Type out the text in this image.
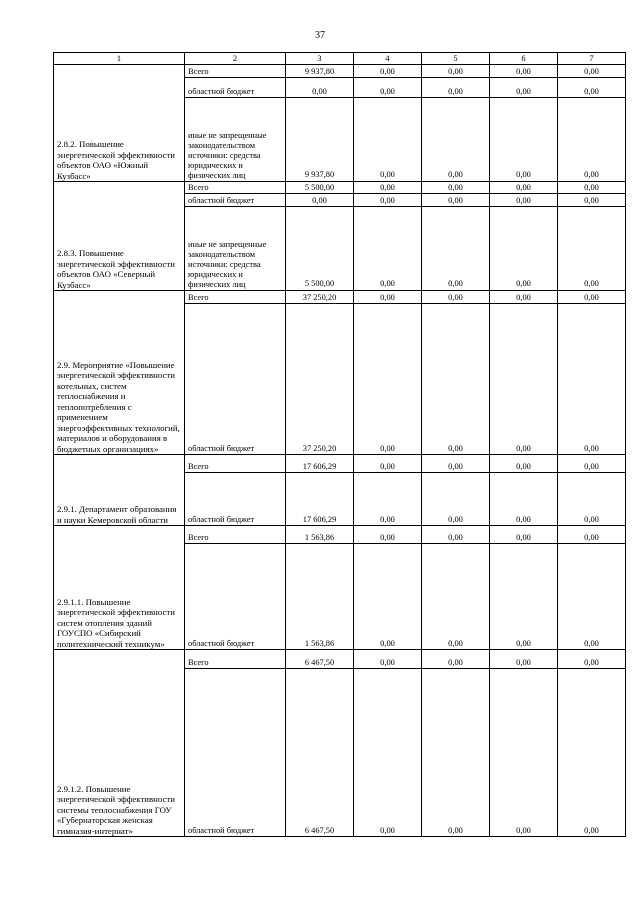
37
1	2	3	4	5	6	7
2.8.2. Повышение энергетической эффективности объектов ОАО «Южный Кузбасс»	Всего	9 937,80	0,00	0,00	0,00	0,00
	областной бюджет	0,00	0,00	0,00	0,00	0,00
	иные не запрещенные законодательством источники: средства юридических и физических лиц	9 937,80	0,00	0,00	0,00	0,00
2.8.3. Повышение энергетической эффективности объектов ОАО «Северный Кузбасс»	Всего	5 500,00	0,00	0,00	0,00	0,00
	областной бюджет	0,00	0,00	0,00	0,00	0,00
	иные не запрещенные законодательством источники: средства юридических и физических лиц	5 500,00	0,00	0,00	0,00	0,00
2.9. Мероприятие «Повышение энергетической эффективности котельных, систем теплоснабжения и теплопотребления с применением энергоэффективных технологий, материалов и оборудования в бюджетных организациях»	Всего	37 250,20	0,00	0,00	0,00	0,00
	областной бюджет	37 250,20	0,00	0,00	0,00	0,00
2.9.1. Департамент образования и науки Кемеровской области	Всего	17 606,29	0,00	0,00	0,00	0,00
	областной бюджет	17 606,29	0,00	0,00	0,00	0,00
2.9.1.1. Повышение энергетической эффективности систем отопления зданий ГОУСПО «Сибирский политехнический техникум»	Всего	1 563,86	0,00	0,00	0,00	0,00
	областной бюджет	1 563,86	0,00	0,00	0,00	0,00
2.9.1.2. Повышение энергетической эффективности системы теплоснабжения ГОУ «Губернаторская женская гимназия-интернат»	Всего	6 467,50	0,00	0,00	0,00	0,00
	областной бюджет	6 467,50	0,00	0,00	0,00	0,00
